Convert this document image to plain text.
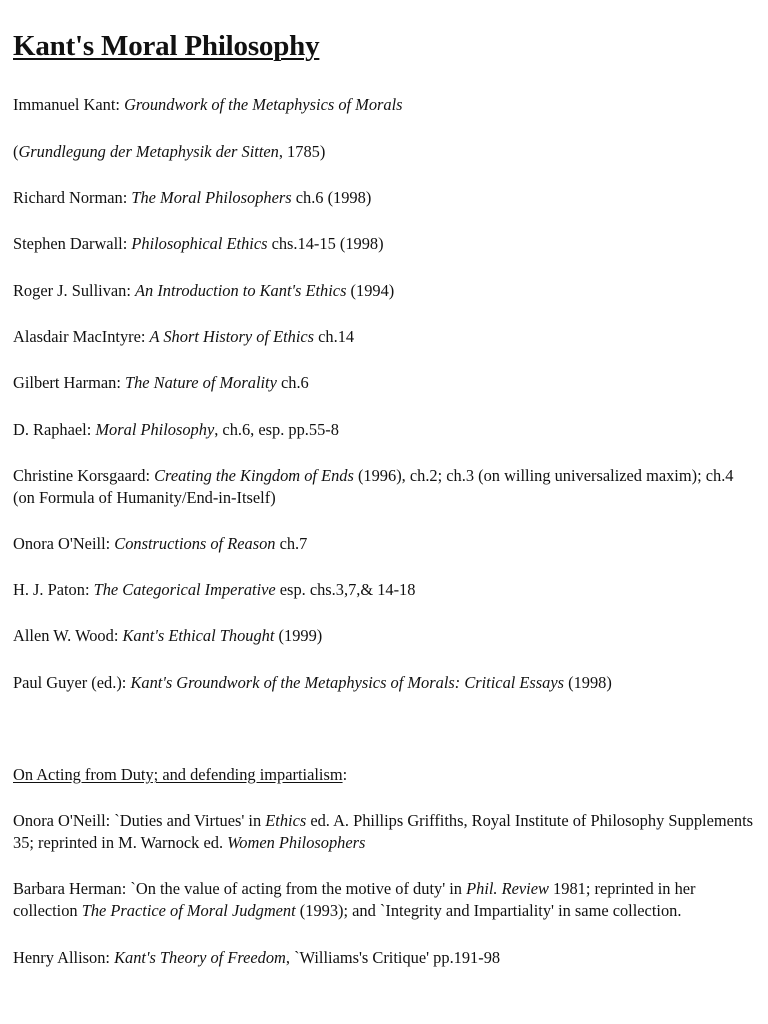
Kant's Moral Philosophy

Immanuel Kant: Groundwork of the Metaphysics of Morals

(Grundlegung der Metaphysik der Sitten, 1785)

Richard Norman: The Moral Philosophers ch.6 (1998)

Stephen Darwall: Philosophical Ethics chs.14-15 (1998)

Roger J. Sullivan: An Introduction to Kant's Ethics (1994)

Alasdair MacIntyre: A Short History of Ethics ch.14

Gilbert Harman: The Nature of Morality ch.6

D. Raphael: Moral Philosophy, ch.6, esp. pp.55-8

Christine Korsgaard: Creating the Kingdom of Ends (1996), ch.2; ch.3 (on willing universalized maxim); ch.4 (on Formula of Humanity/End-in-Itself)

Onora O'Neill: Constructions of Reason ch.7

H. J. Paton: The Categorical Imperative esp. chs.3,7,& 14-18

Allen W. Wood: Kant's Ethical Thought (1999)

Paul Guyer (ed.): Kant's Groundwork of the Metaphysics of Morals: Critical Essays (1998)

On Acting from Duty; and defending impartialism:

Onora O'Neill: `Duties and Virtues' in Ethics ed. A. Phillips Griffiths, Royal Institute of Philosophy Supplements 35; reprinted in M. Warnock ed. Women Philosophers

Barbara Herman: `On the value of acting from the motive of duty' in Phil. Review 1981; reprinted in her collection The Practice of Moral Judgment (1993); and `Integrity and Impartiality' in same collection.

Henry Allison: Kant's Theory of Freedom, `Williams's Critique' pp.191-98
